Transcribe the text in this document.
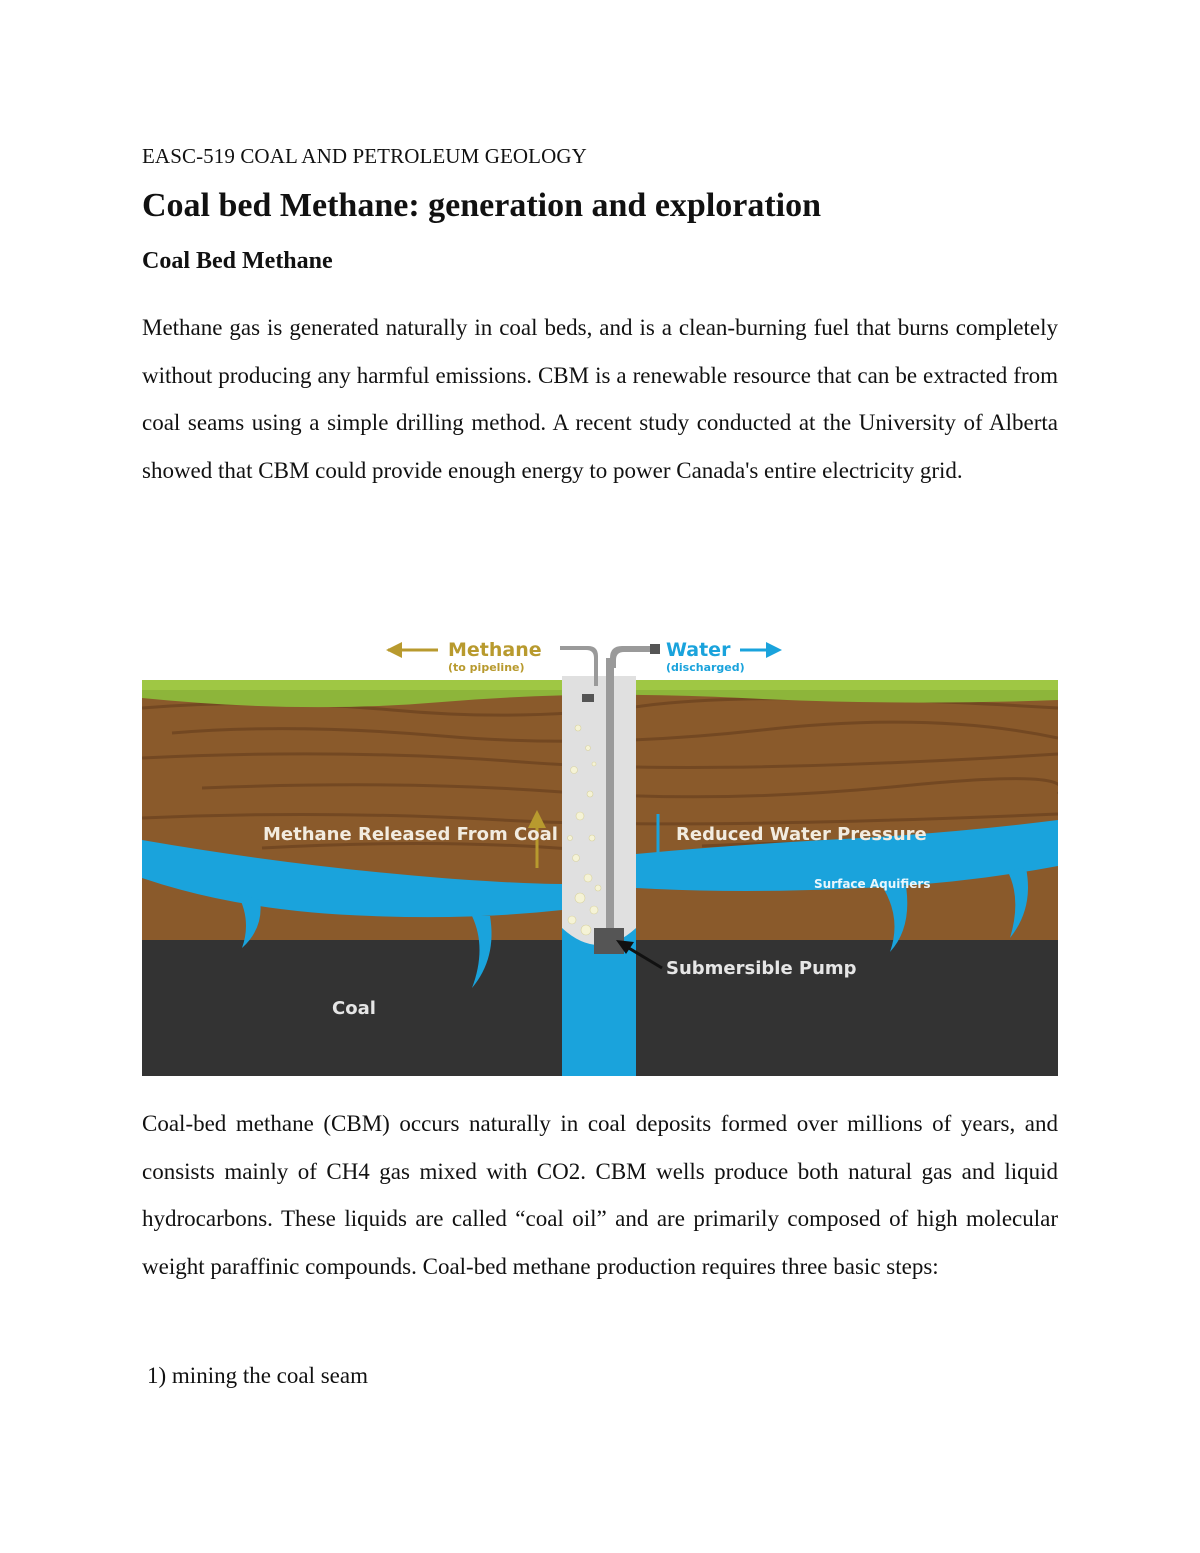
EASC-519 COAL AND PETROLEUM GEOLOGY
Coal bed Methane: generation and exploration
Coal Bed Methane

Methane gas is generated naturally in coal beds, and is a clean-burning fuel that burns completely without producing any harmful emissions. CBM is a renewable resource that can be extracted from coal seams using a simple drilling method. A recent study conducted at the University of Alberta showed that CBM could provide enough energy to power Canada's entire electricity grid.

Methane
(to pipeline)
Water
(discharged)
Methane Released From Coal	Reduced Water Pressure
Surface Aquifiers
Submersible Pump
Coal

Coal-bed methane (CBM) occurs naturally in coal deposits formed over millions of years, and consists mainly of CH4 gas mixed with CO2. CBM wells produce both natural gas and liquid hydrocarbons. These liquids are called “coal oil” and are primarily composed of high molecular weight paraffinic compounds. Coal-bed methane production requires three basic steps:

1) mining the coal seam
